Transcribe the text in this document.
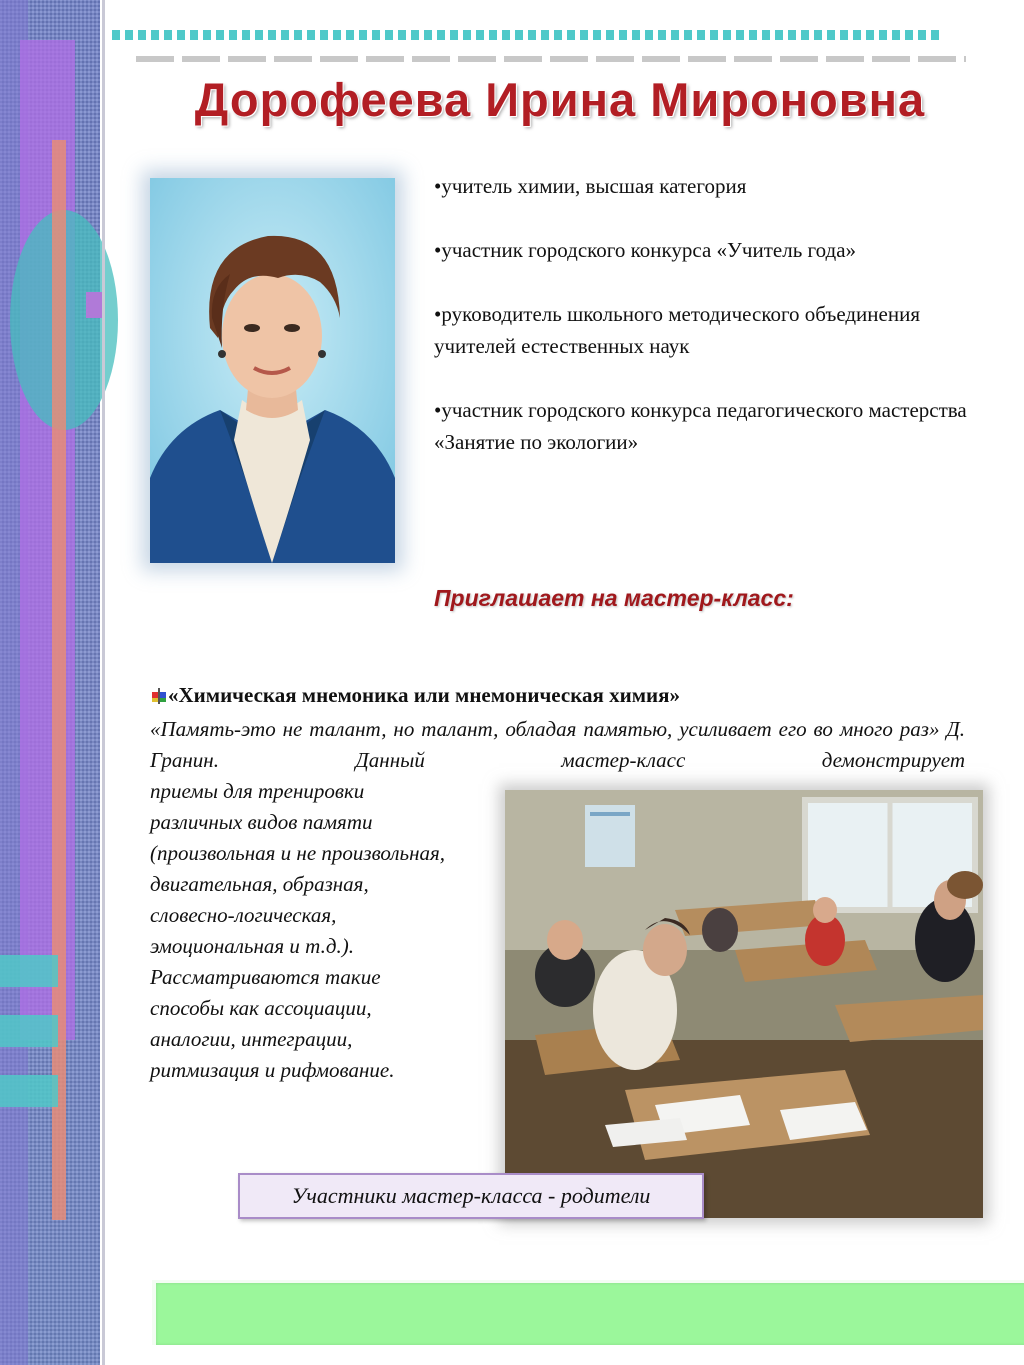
Дорофеева Ирина Мироновна

•учитель химии, высшая категория

•участник городского конкурса «Учитель года»

•руководитель школьного методического объединения учителей естественных наук

•участник городского конкурса педагогического мастерства «Занятие по экологии»

Приглашает на мастер-класс:
«Химическая мнемоника или мнемоническая химия»
«Память-это не талант, но талант, обладая памятью, усиливает его во много раз» Д. Гранин. Данный мастер-класс демонстрирует
приемы для тренировки
различных видов памяти
(произвольная и не произвольная,
двигательная, образная,
словесно-логическая,
эмоциональная и т.д.).
Рассматриваются такие
способы как ассоциации,
аналогии, интеграции,
ритмизация и рифмование.
Участники мастер-класса - родители
